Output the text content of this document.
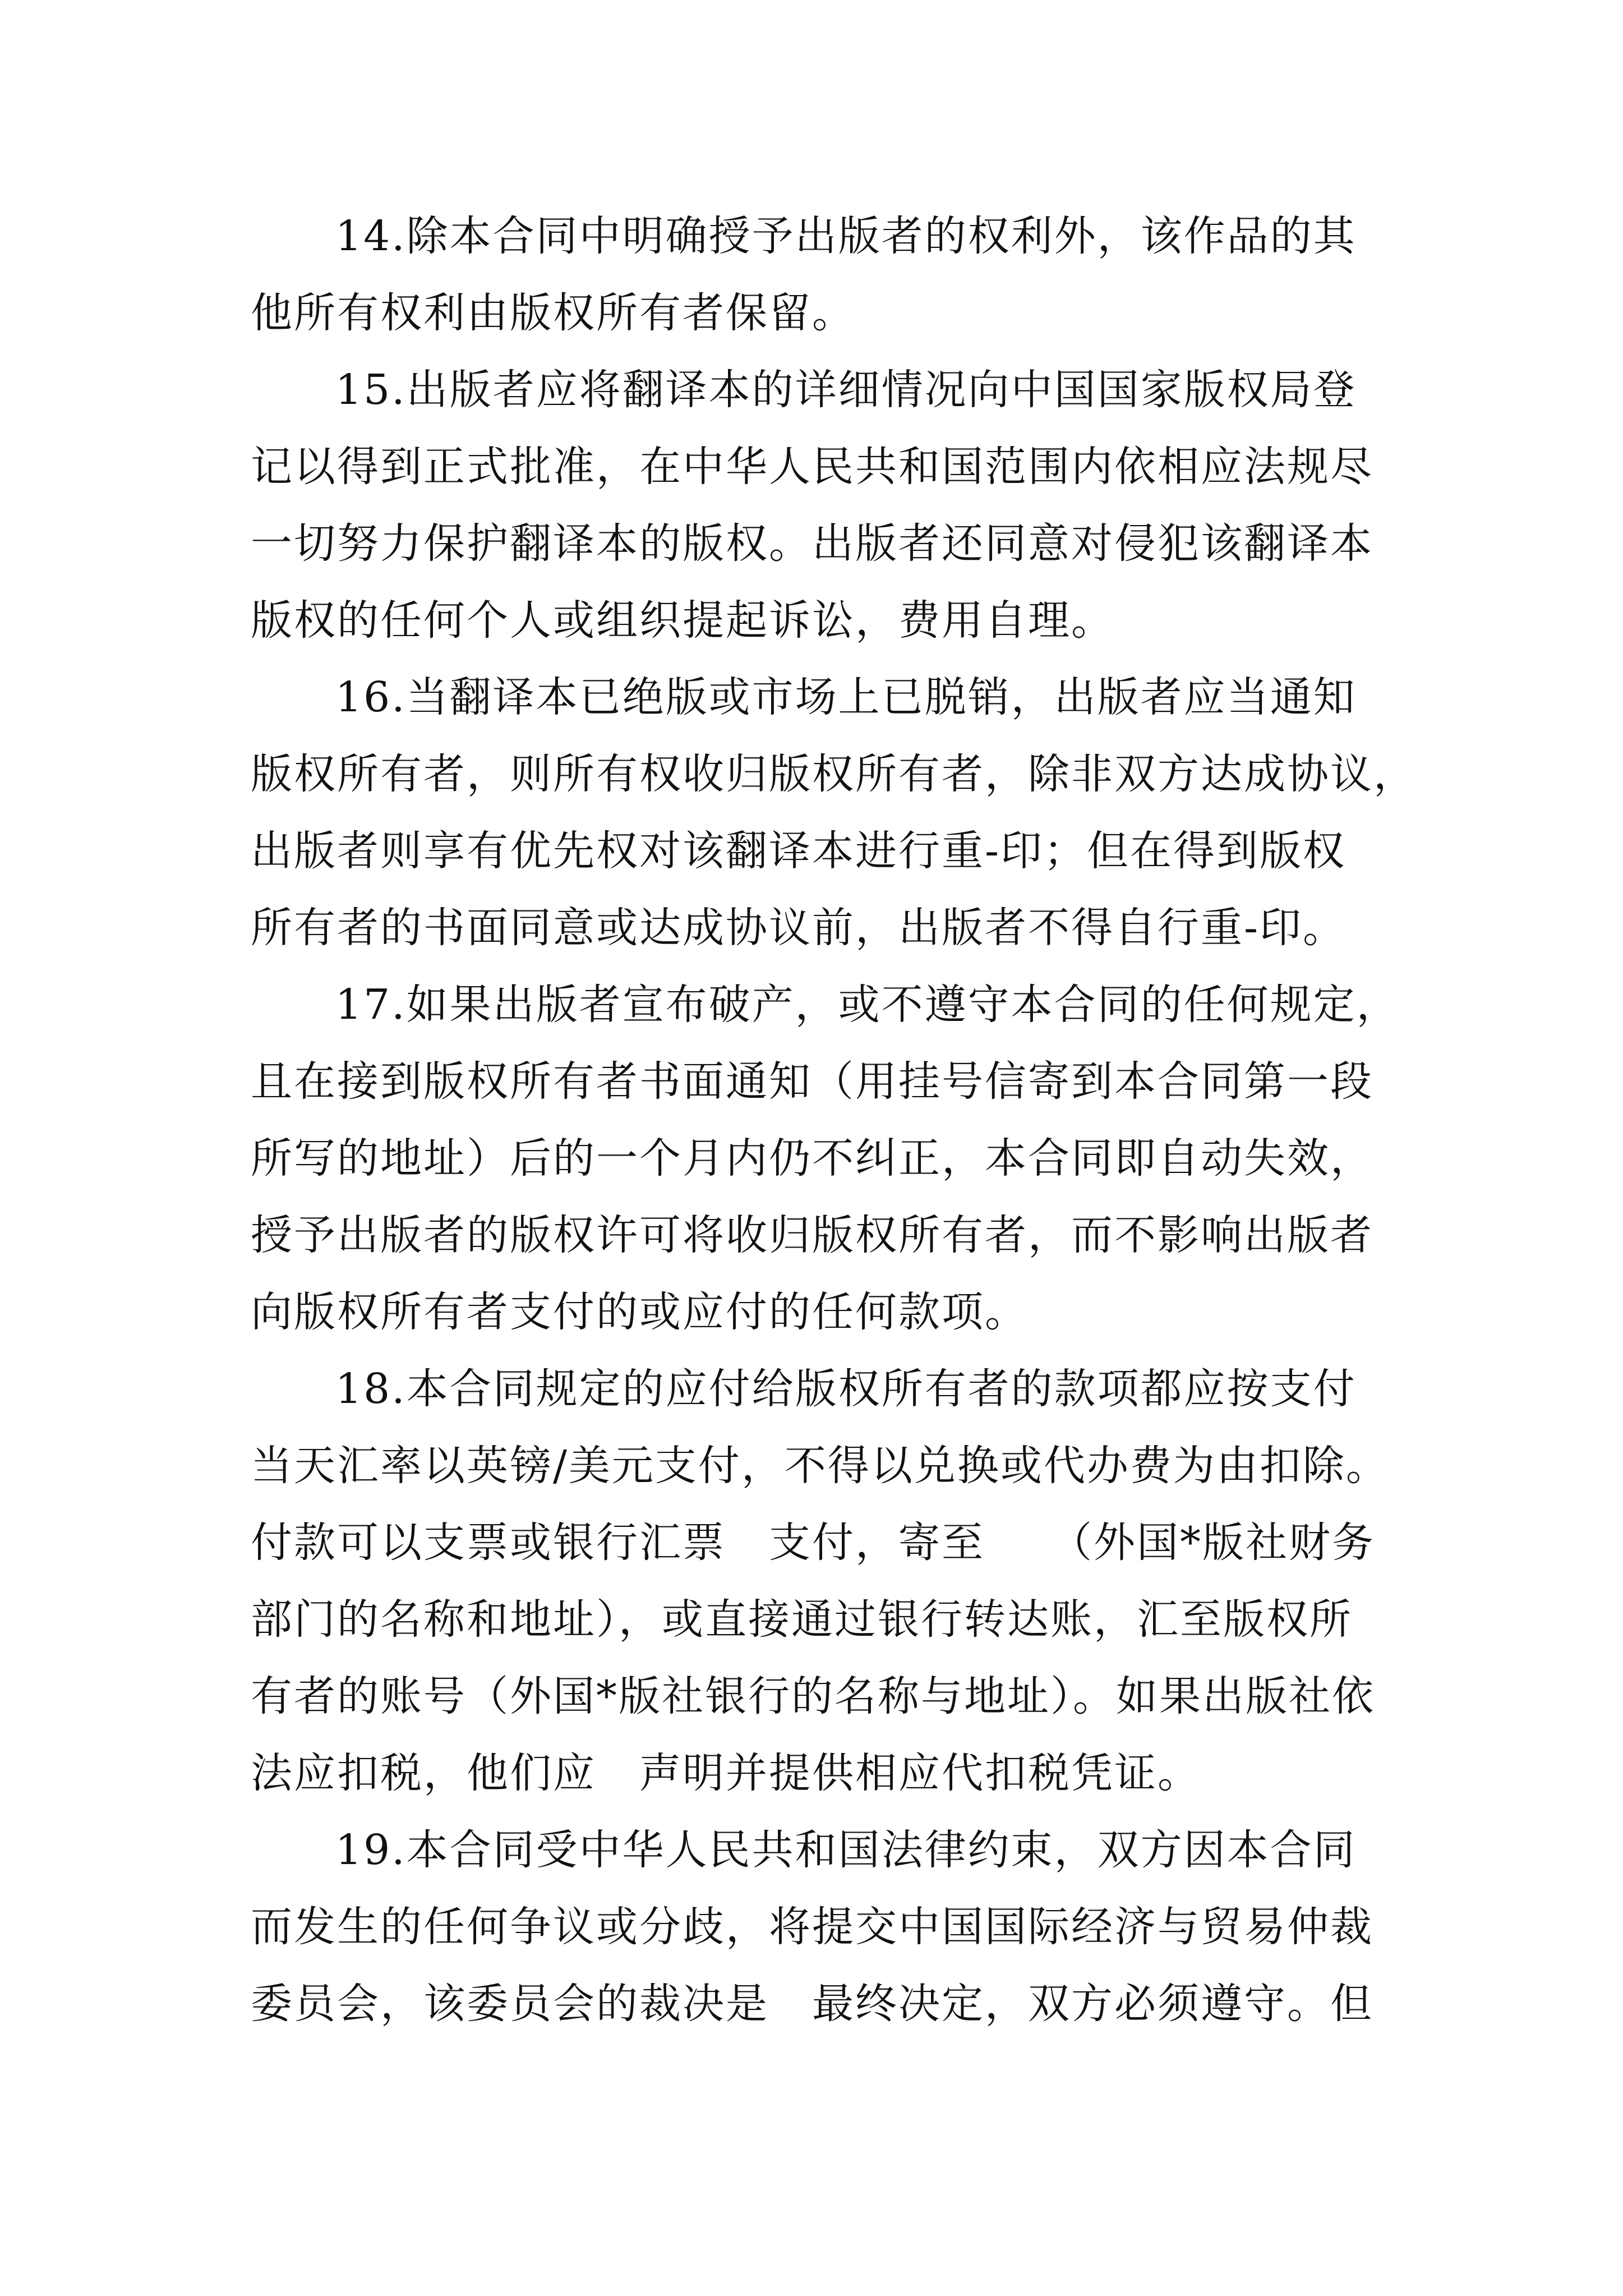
14.除本合同中明确授予出版者的权利外，该作品的其
他所有权利由版权所有者保留。
15.出版者应将翻译本的详细情况向中国国家版权局登
记以得到正式批准，在中华人民共和国范围内依相应法规尽
一切努力保护翻译本的版权。出版者还同意对侵犯该翻译本
版权的任何个人或组织提起诉讼，费用自理。
16.当翻译本已绝版或市场上已脱销，出版者应当通知
版权所有者，则所有权收归版权所有者，除非双方达成协议，
出版者则享有优先权对该翻译本进行重-印；但在得到版权
所有者的书面同意或达成协议前，出版者不得自行重-印。
17.如果出版者宣布破产，或不遵守本合同的任何规定，
且在接到版权所有者书面通知（用挂号信寄到本合同第一段
所写的地址）后的一个月内仍不纠正，本合同即自动失效，
授予出版者的版权许可将收归版权所有者，而不影响出版者
向版权所有者支付的或应付的任何款项。
18.本合同规定的应付给版权所有者的款项都应按支付
当天汇率以英镑/美元支付，不得以兑换或代办费为由扣除。
付款可以支票或银行汇票　支付，寄至　　（外国*版社财务
部门的名称和地址），或直接通过银行转达账，汇至版权所
有者的账号（外国*版社银行的名称与地址）。如果出版社依
法应扣税，他们应　声明并提供相应代扣税凭证。
19.本合同受中华人民共和国法律约束，双方因本合同
而发生的任何争议或分歧，将提交中国国际经济与贸易仲裁
委员会，该委员会的裁决是　最终决定，双方必须遵守。但
